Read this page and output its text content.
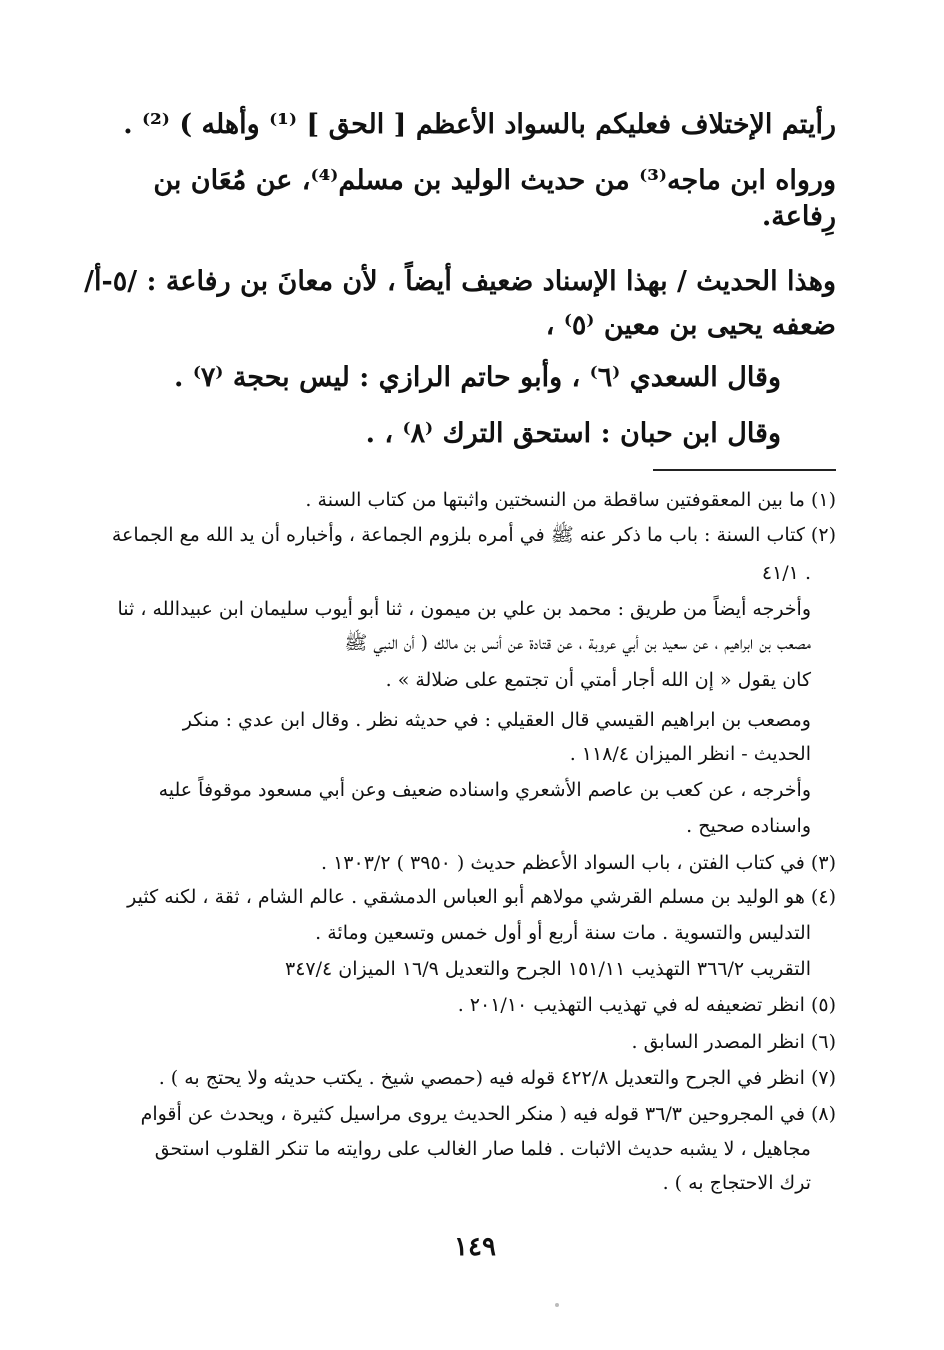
رأيتم الإختلاف فعليكم بالسواد الأعظم [ الحق ] ⁽¹⁾ وأهله ) ⁽²⁾ .
ورواه ابن ماجه⁽³⁾ من حديث الوليد بن مسلم⁽⁴⁾، عن مُعَان بن
رِفاعة.
وهذا الحديث / بهذا الإسناد ضعيف أيضاً ، لأن معانَ بن رفاعة : /٥-أ/
ضعفه يحيى بن معين ⁽٥⁾ ،
وقال السعدي ⁽٦⁾ ، وأبو حاتم الرازي : ليس بحجة ⁽٧⁾ .
وقال ابن حبان : استحق الترك ⁽٨⁾ ، .
(١) ما بين المعقوفتين ساقطة من النسختين واثبتها من كتاب السنة .
(٢) كتاب السنة : باب ما ذكر عنه ﷺ في أمره بلزوم الجماعة ، وأخباره أن يد الله مع الجماعة
٤١/١ .
وأخرجه أيضاً من طريق : محمد بن علي بن ميمون ، ثنا أبو أيوب سليمان ابن عبيدالله ، ثنا
مصعب بن ابراهيم ، عن سعيد بن أبي عروبة ، عن قتادة عن أنس بن مالك ( أن النبي ﷺ
كان يقول « إن الله أجار أمتي أن تجتمع على ضلالة » .
ومصعب بن ابراهيم القيسي قال العقيلي : في حديثه نظر . وقال ابن عدي : منكر
الحديث - انظر الميزان ١١٨/٤ .
وأخرجه ، عن كعب بن عاصم الأشعري واسناده ضعيف وعن أبي مسعود موقوفاً عليه
واسناده صحيح .
(٣) في كتاب الفتن ، باب السواد الأعظم حديث ( ٣٩٥٠ ) ١٣٠٣/٢ .
(٤) هو الوليد بن مسلم القرشي مولاهم أبو العباس الدمشقي . عالم الشام ، ثقة ، لكنه كثير
التدليس والتسوية . مات سنة أربع أو أول خمس وتسعين ومائة .
التقريب ٣٦٦/٢ التهذيب ١٥١/١١ الجرح والتعديل ١٦/٩ الميزان ٣٤٧/٤
(٥) انظر تضعيفه له في تهذيب التهذيب ٢٠١/١٠ .
(٦) انظر المصدر السابق .
(٧) انظر في الجرح والتعديل ٤٢٢/٨ قوله فيه (حمصي شيخ . يكتب حديثه ولا يحتج به ) .
(٨) في المجروحين ٣٦/٣ قوله فيه ( منكر الحديث يروى مراسيل كثيرة ، ويحدث عن أقوام
مجاهيل ، لا يشبه حديث الاثبات . فلما صار الغالب على روايته ما تنكر القلوب استحق
ترك الاحتجاج به ) .
١٤٩
